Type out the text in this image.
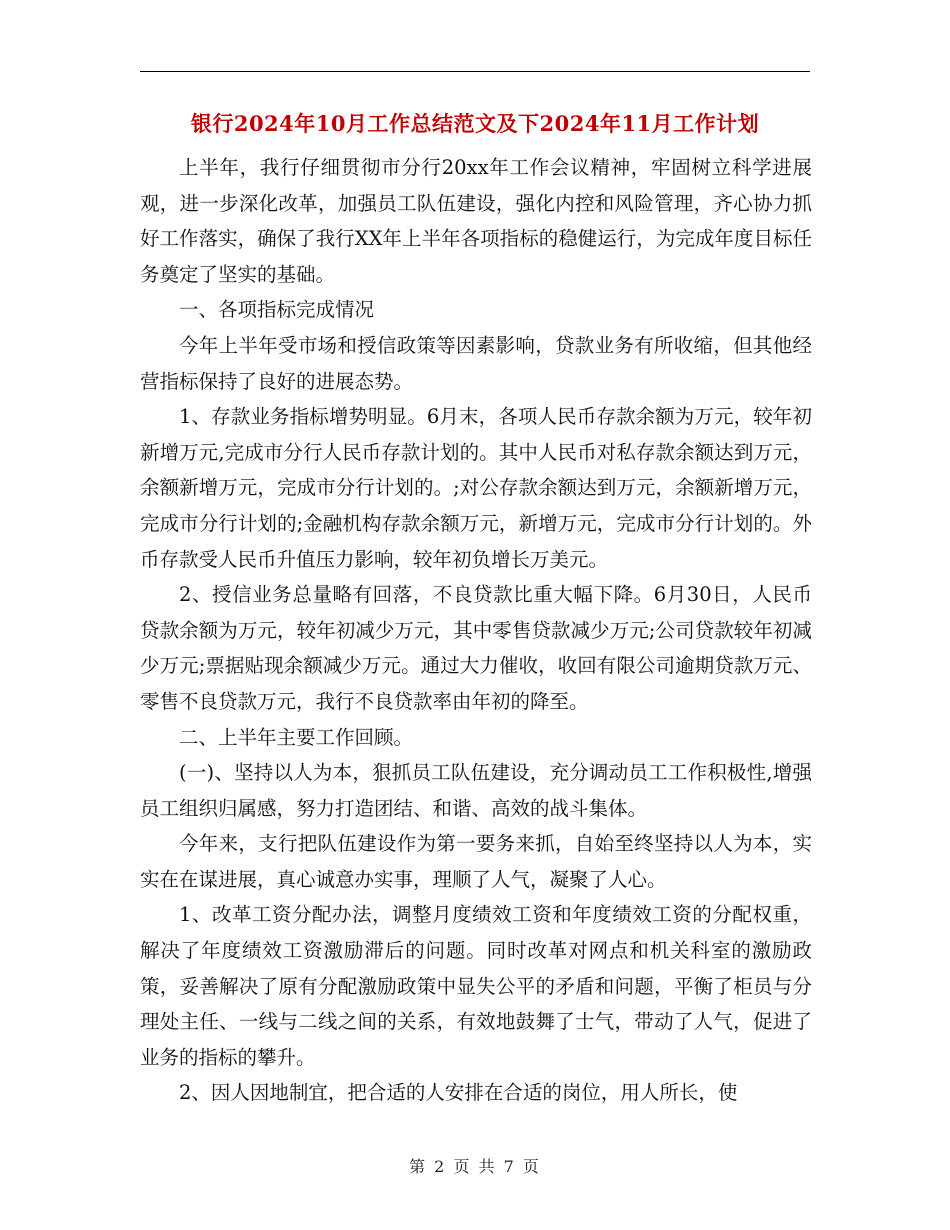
银行2024年10月工作总结范文及下2024年11月工作计划

上半年，我行仔细贯彻市分行20xx年工作会议精神，牢固树立科学进展观，进一步深化改革，加强员工队伍建设，强化内控和风险管理，齐心协力抓好工作落实，确保了我行XX年上半年各项指标的稳健运行，为完成年度目标任务奠定了坚实的基础。

一、各项指标完成情况

今年上半年受市场和授信政策等因素影响，贷款业务有所收缩，但其他经营指标保持了良好的进展态势。

1、存款业务指标增势明显。6月末，各项人民币存款余额为万元，较年初新增万元,完成市分行人民币存款计划的。其中人民币对私存款余额达到万元，余额新增万元，完成市分行计划的。;对公存款余额达到万元，余额新增万元，完成市分行计划的;金融机构存款余额万元，新增万元，完成市分行计划的。外币存款受人民币升值压力影响，较年初负增长万美元。

2、授信业务总量略有回落，不良贷款比重大幅下降。6月30日，人民币贷款余额为万元，较年初减少万元，其中零售贷款减少万元;公司贷款较年初减少万元;票据贴现余额减少万元。通过大力催收，收回有限公司逾期贷款万元、零售不良贷款万元，我行不良贷款率由年初的降至。

二、上半年主要工作回顾。

(一)、坚持以人为本，狠抓员工队伍建设，充分调动员工工作积极性,增强员工组织归属感，努力打造团结、和谐、高效的战斗集体。

今年来，支行把队伍建设作为第一要务来抓，自始至终坚持以人为本，实实在在谋进展，真心诚意办实事，理顺了人气，凝聚了人心。

1、改革工资分配办法，调整月度绩效工资和年度绩效工资的分配权重，解决了年度绩效工资激励滞后的问题。同时改革对网点和机关科室的激励政策，妥善解决了原有分配激励政策中显失公平的矛盾和问题，平衡了柜员与分理处主任、一线与二线之间的关系，有效地鼓舞了士气，带动了人气，促进了业务的指标的攀升。

2、因人因地制宜，把合适的人安排在合适的岗位，用人所长，使

第 2 页 共 7 页
